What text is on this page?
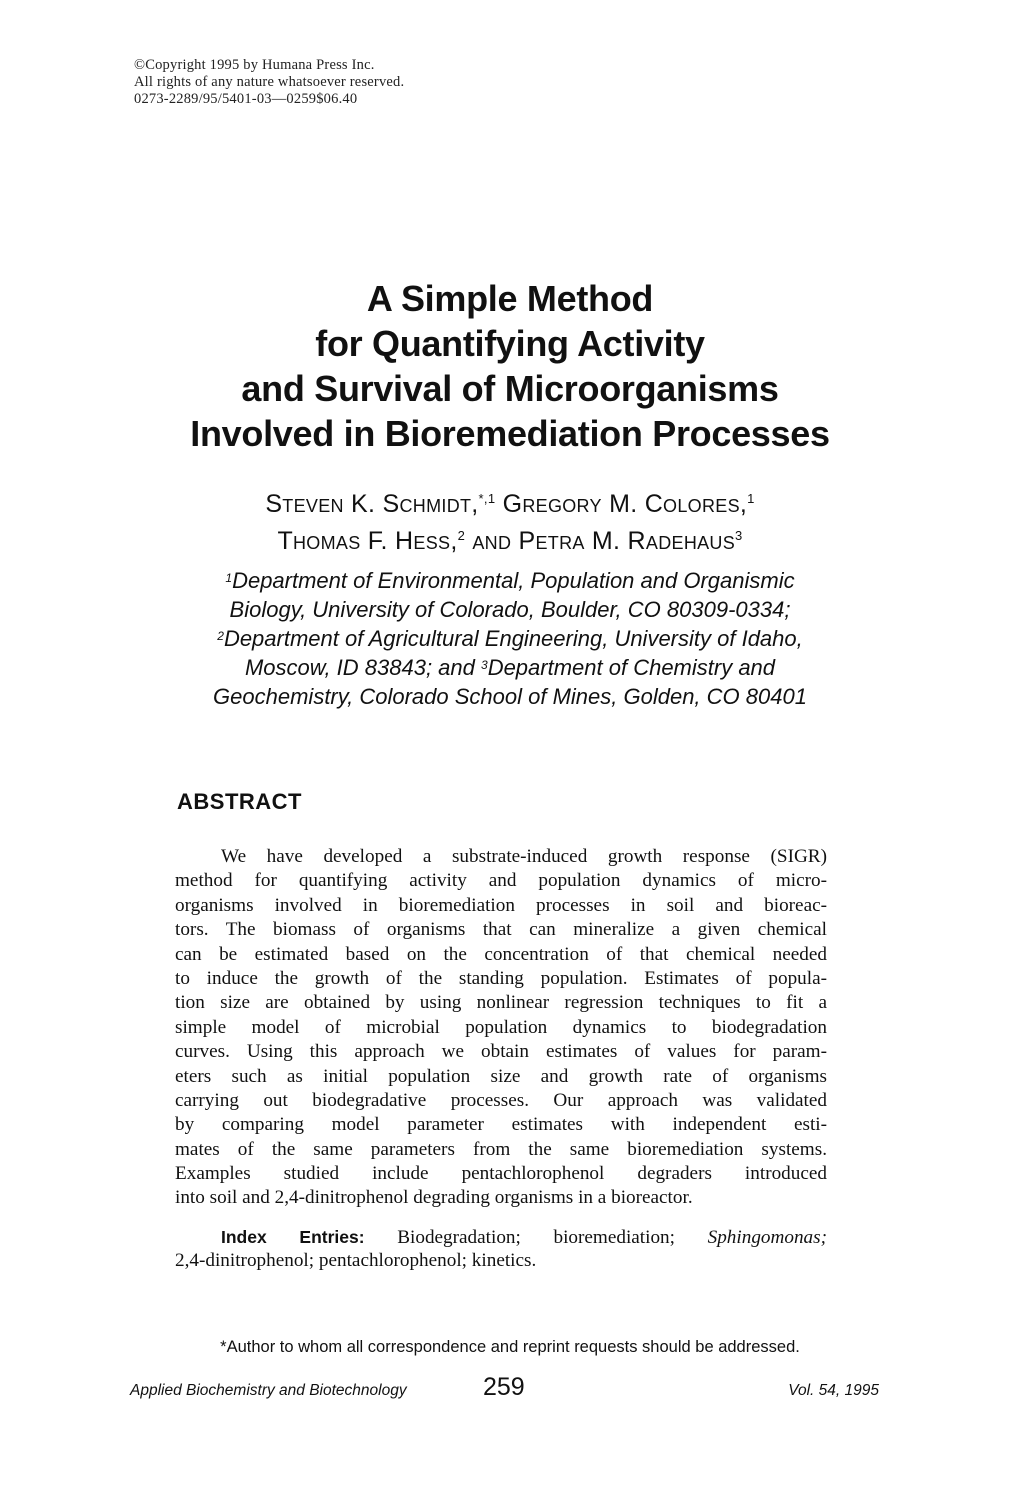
©Copyright 1995 by Humana Press Inc.
All rights of any nature whatsoever reserved.
0273-2289/95/5401-03—0259$06.40
A Simple Method
for Quantifying Activity
and Survival of Microorganisms
Involved in Bioremediation Processes
Steven K. Schmidt,$^{*,1}$ Gregory M. Colores,$^1$
Thomas F. Hess,$^2$ and Petra M. Radehaus$^3$
$^1$Department of Environmental, Population and Organismic
Biology, University of Colorado, Boulder, CO 80309-0334;
$^2$Department of Agricultural Engineering, University of Idaho,
Moscow, ID 83843; and $^3$Department of Chemistry and
Geochemistry, Colorado School of Mines, Golden, CO 80401
ABSTRACT
We have developed a substrate-induced growth response (SIGR)
method for quantifying activity and population dynamics of micro-
organisms involved in bioremediation processes in soil and bioreac-
tors. The biomass of organisms that can mineralize a given chemical
can be estimated based on the concentration of that chemical needed
to induce the growth of the standing population. Estimates of popula-
tion size are obtained by using nonlinear regression techniques to fit a
simple model of microbial population dynamics to biodegradation
curves. Using this approach we obtain estimates of values for param-
eters such as initial population size and growth rate of organisms
carrying out biodegradative processes. Our approach was validated
by comparing model parameter estimates with independent esti-
mates of the same parameters from the same bioremediation systems.
Examples studied include pentachlorophenol degraders introduced
into soil and 2,4-dinitrophenol degrading organisms in a bioreactor.
Index Entries: Biodegradation; bioremediation; Sphingomonas;
2,4-dinitrophenol; pentachlorophenol; kinetics.
*Author to whom all correspondence and reprint requests should be addressed.
Applied Biochemistry and Biotechnology	259	Vol. 54, 1995
